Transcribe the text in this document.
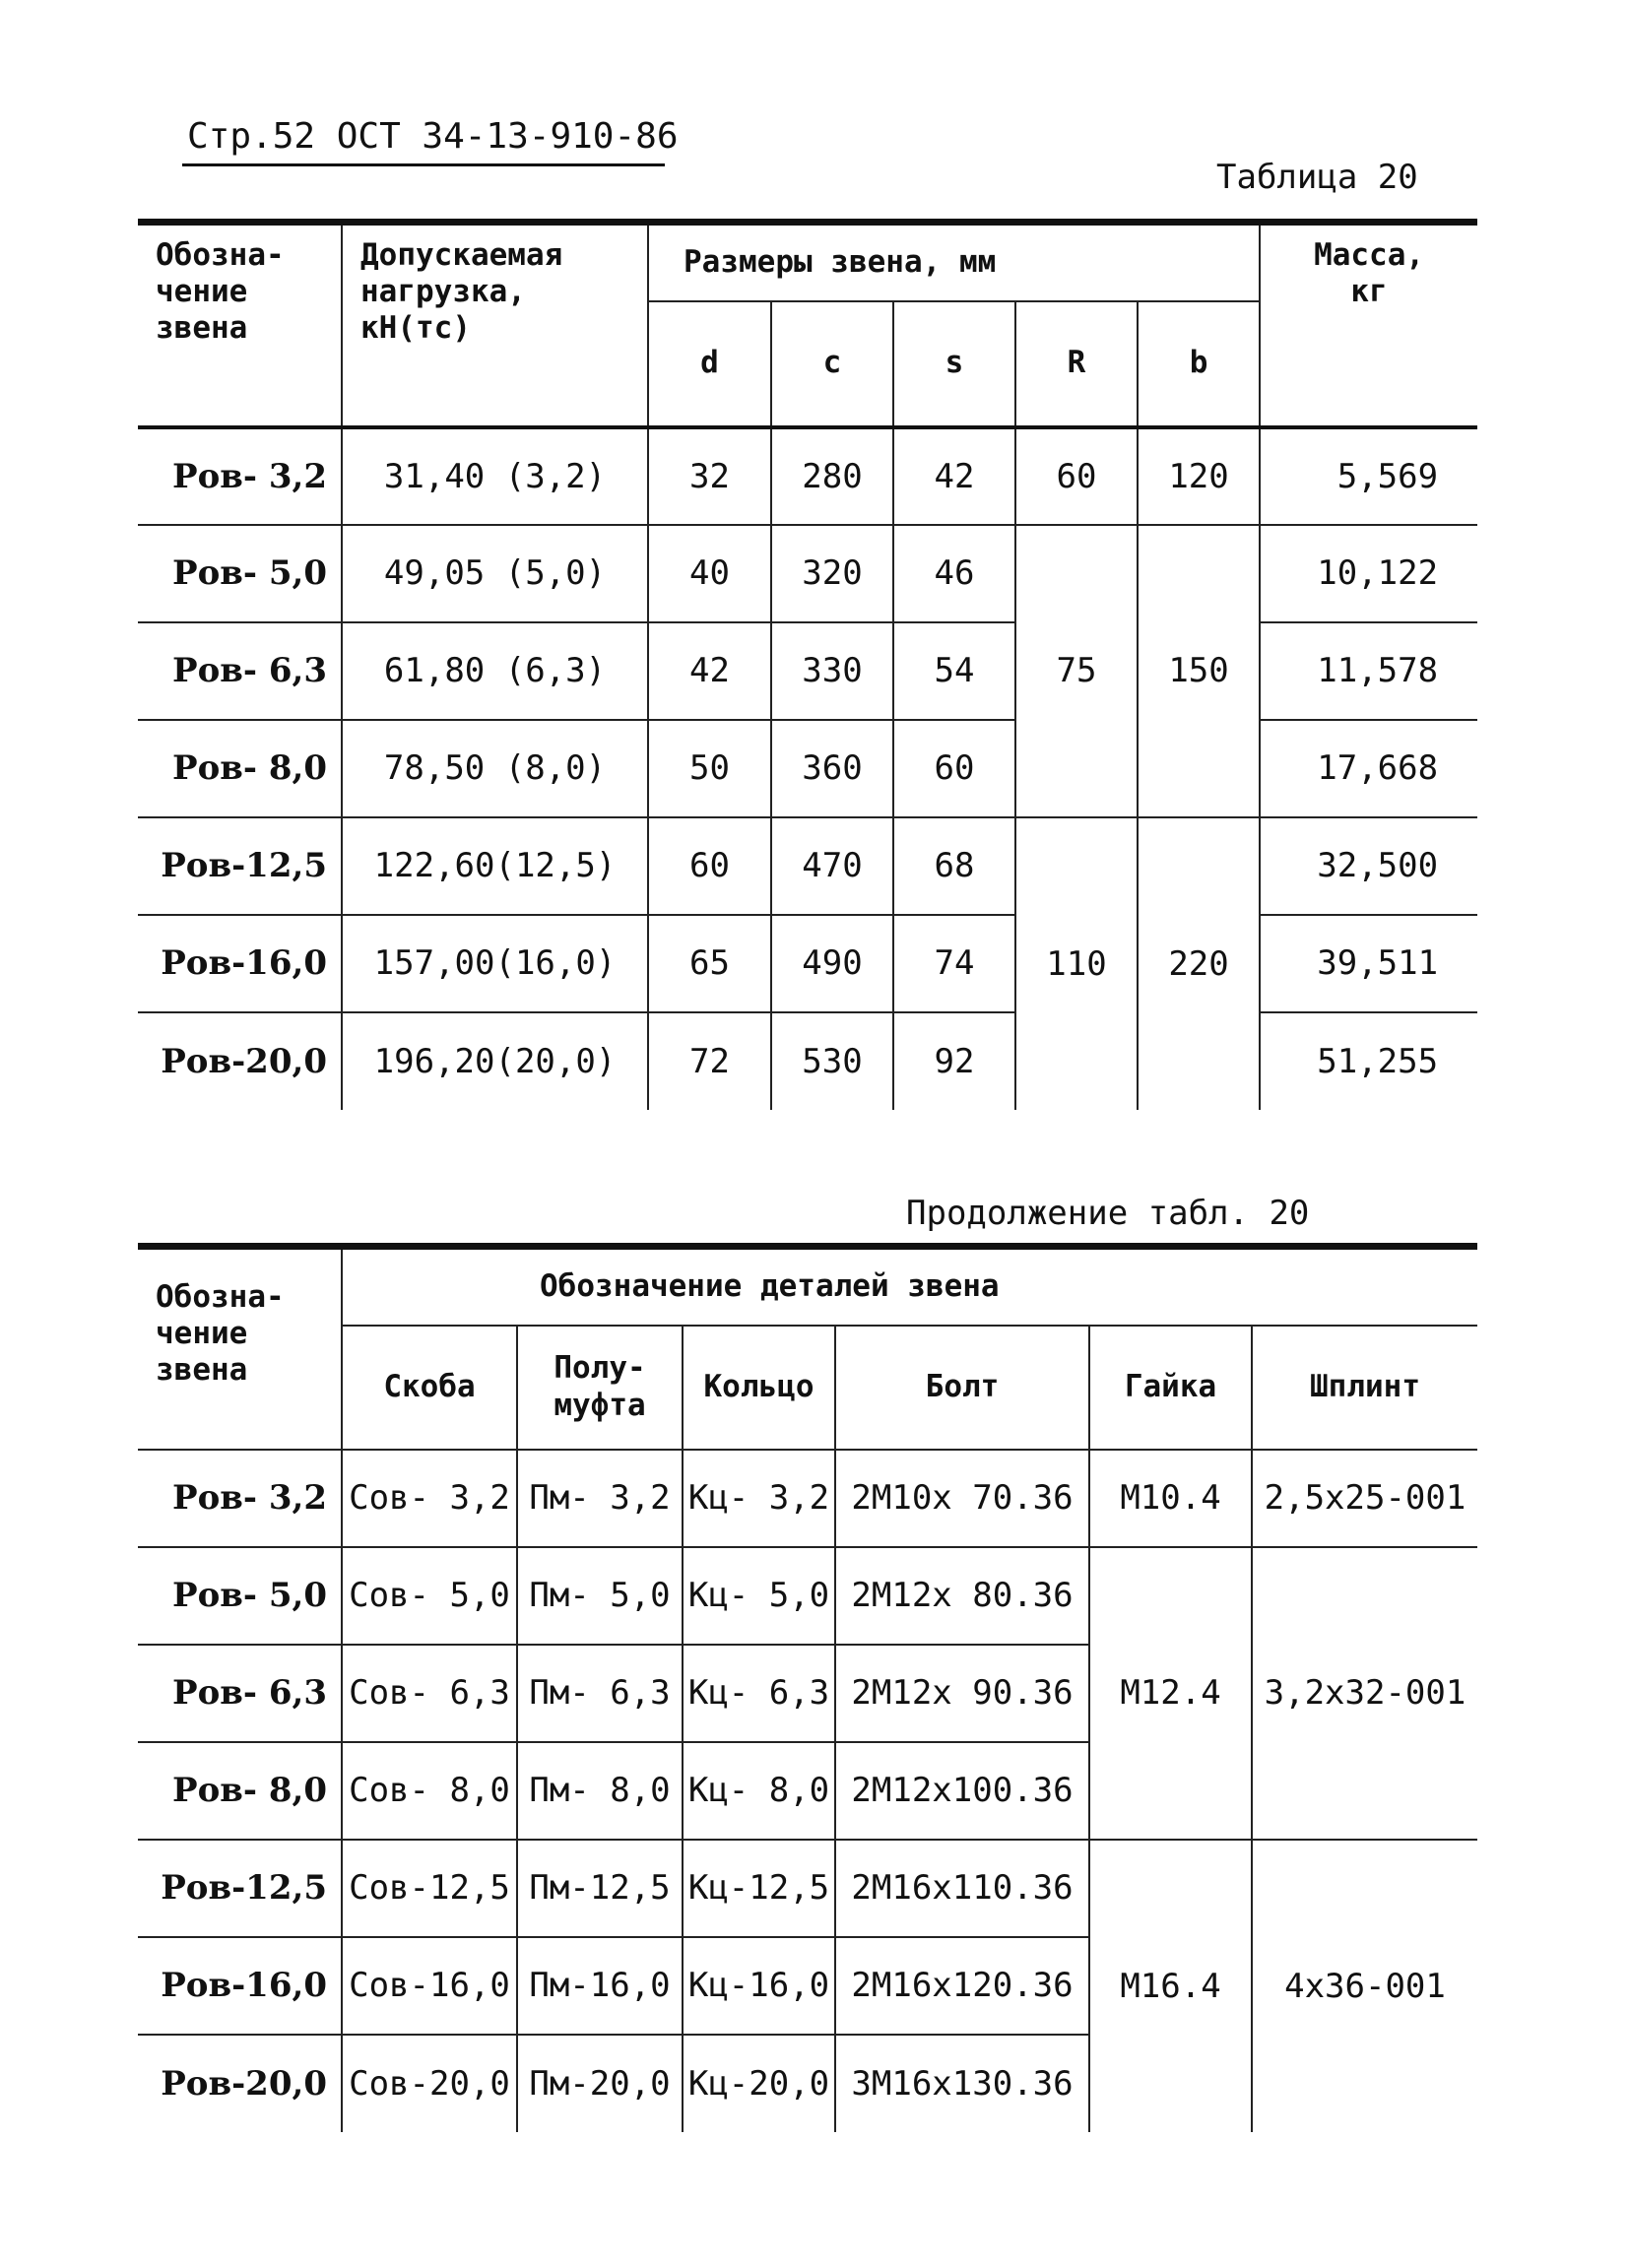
Стр.52 ОСТ 34-13-910-86
Таблица 20
Обозна-
чение
звена	Допускаемая
нагрузка,
кН(тс)	Размеры звена, мм					Масса,
кг
		d	c	s	R	b	
Ров- 3,2	31,40 (3,2)	32	280	42	60	120	5,569
Ров- 5,0	49,05 (5,0)	40	320	46	75	150	10,122
Ров- 6,3	61,80 (6,3)	42	330	54			11,578
Ров- 8,0	78,50 (8,0)	50	360	60			17,668
Ров-12,5	122,60(12,5)	60	470	68	110	220	32,500
Ров-16,0	157,00(16,0)	65	490	74			39,511
Ров-20,0	196,20(20,0)	72	530	92			51,255
Продолжение табл. 20
Обозна-
чение
звена	Обозначение деталей звена					
	Скоба	Полу-
муфта	Кольцо	Болт	Гайка	Шплинт
Ров- 3,2	Сов- 3,2	Пм- 3,2	Кц- 3,2	2М10х 70.36	М10.4	2,5х25-001
Ров- 5,0	Сов- 5,0	Пм- 5,0	Кц- 5,0	2М12х 80.36	М12.4	3,2х32-001
Ров- 6,3	Сов- 6,3	Пм- 6,3	Кц- 6,3	2М12х 90.36		
Ров- 8,0	Сов- 8,0	Пм- 8,0	Кц- 8,0	2М12х100.36		
Ров-12,5	Сов-12,5	Пм-12,5	Кц-12,5	2М16х110.36	М16.4	4х36-001
Ров-16,0	Сов-16,0	Пм-16,0	Кц-16,0	2М16х120.36		
Ров-20,0	Сов-20,0	Пм-20,0	Кц-20,0	3М16х130.36		
